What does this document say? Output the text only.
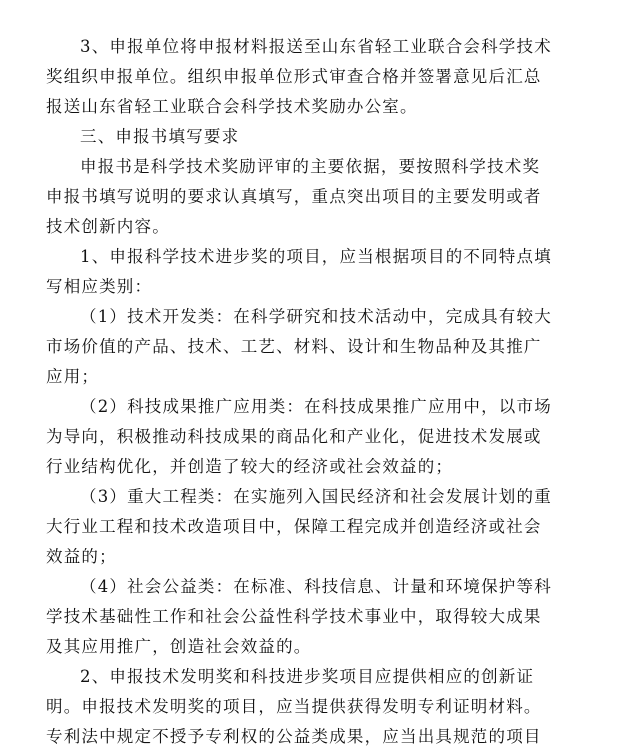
3、申报单位将申报材料报送至山东省轻工业联合会科学技术
奖组织申报单位。组织申报单位形式审查合格并签署意见后汇总
报送山东省轻工业联合会科学技术奖励办公室。
三、申报书填写要求
申报书是科学技术奖励评审的主要依据，要按照科学技术奖
申报书填写说明的要求认真填写，重点突出项目的主要发明或者
技术创新内容。
1、申报科学技术进步奖的项目，应当根据项目的不同特点填
写相应类别：
（1）技术开发类：在科学研究和技术活动中，完成具有较大
市场价值的产品、技术、工艺、材料、设计和生物品种及其推广
应用；
（2）科技成果推广应用类：在科技成果推广应用中，以市场
为导向，积极推动科技成果的商品化和产业化，促进技术发展或
行业结构优化，并创造了较大的经济或社会效益的；
（3）重大工程类：在实施列入国民经济和社会发展计划的重
大行业工程和技术改造项目中，保障工程完成并创造经济或社会
效益的；
（4）社会公益类：在标准、科技信息、计量和环境保护等科
学技术基础性工作和社会公益性科学技术事业中，取得较大成果
及其应用推广，创造社会效益的。
2、申报技术发明奖和科技进步奖项目应提供相应的创新证
明。申报技术发明奖的项目，应当提供获得发明专利证明材料。
专利法中规定不授予专利权的公益类成果，应当出具规范的项目
